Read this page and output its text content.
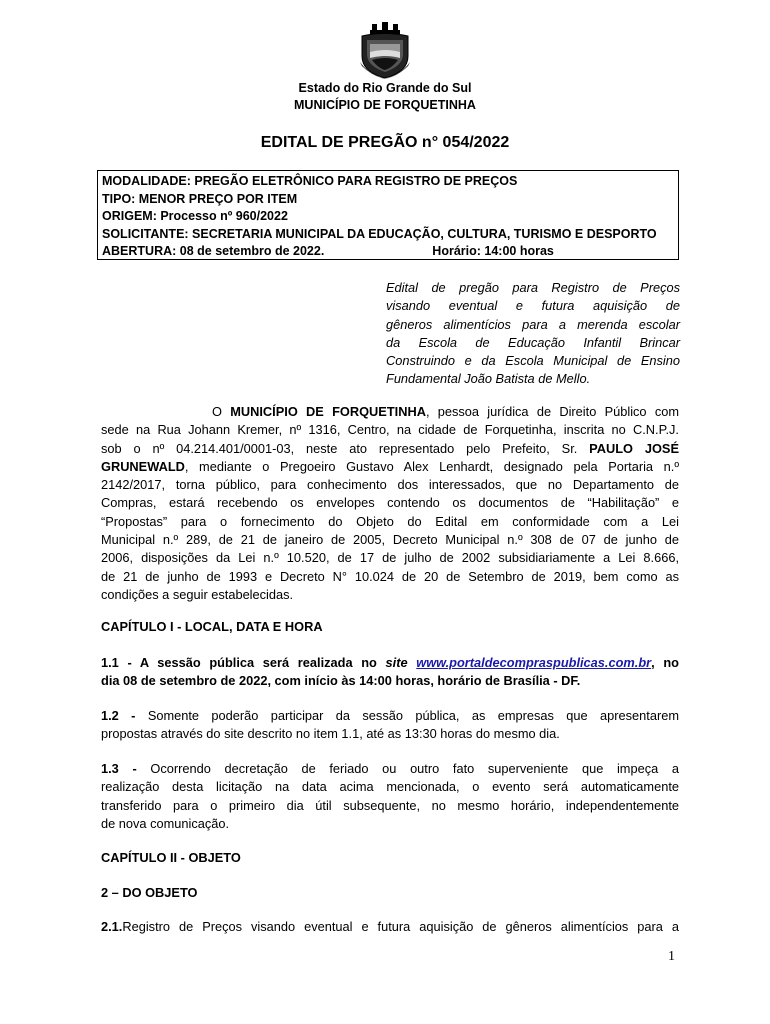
Estado do Rio Grande do Sul
MUNICÍPIO DE FORQUETINHA
EDITAL DE PREGÃO n° 054/2022
MODALIDADE: PREGÃO ELETRÔNICO PARA REGISTRO DE PREÇOS
TIPO: MENOR PREÇO POR ITEM
ORIGEM: Processo nº 960/2022
SOLICITANTE: SECRETARIA MUNICIPAL DA EDUCAÇÃO, CULTURA, TURISMO E DESPORTO
ABERTURA: 08 de setembro de 2022.	Horário: 14:00 horas
Edital de pregão para Registro de Preços
visando eventual e futura aquisição de
gêneros alimentícios para a merenda escolar
da Escola de Educação Infantil Brincar
Construindo e da Escola Municipal de Ensino
Fundamental João Batista de Mello.
O MUNICÍPIO DE FORQUETINHA, pessoa jurídica de Direito Público com
sede na Rua Johann Kremer, nº 1316, Centro, na cidade de Forquetinha, inscrita no C.N.P.J.
sob o nº 04.214.401/0001-03, neste ato representado pelo Prefeito, Sr. PAULO JOSÉ
GRUNEWALD, mediante o Pregoeiro Gustavo Alex Lenhardt, designado pela Portaria n.º
2142/2017, torna público, para conhecimento dos interessados, que no Departamento de
Compras, estará recebendo os envelopes contendo os documentos de “Habilitação” e
“Propostas” para o fornecimento do Objeto do Edital em conformidade com a Lei
Municipal n.º 289, de 21 de janeiro de 2005, Decreto Municipal n.º 308 de 07 de junho de
2006, disposições da Lei n.º 10.520, de 17 de julho de 2002 subsidiariamente a Lei 8.666,
de 21 de junho de 1993 e Decreto N° 10.024 de 20 de Setembro de 2019, bem como as
condições a seguir estabelecidas.
CAPÍTULO I - LOCAL, DATA E HORA
1.1 - A sessão pública será realizada no site www.portaldecompraspublicas.com.br, no
dia 08 de setembro de 2022, com início às 14:00 horas, horário de Brasília - DF.
1.2 - Somente poderão participar da sessão pública, as empresas que apresentarem
propostas através do site descrito no item 1.1, até as 13:30 horas do mesmo dia.
1.3 - Ocorrendo decretação de feriado ou outro fato superveniente que impeça a
realização desta licitação na data acima mencionada, o evento será automaticamente
transferido para o primeiro dia útil subsequente, no mesmo horário, independentemente
de nova comunicação.
CAPÍTULO II - OBJETO
2 – DO OBJETO
2.1.Registro de Preços visando eventual e futura aquisição de gêneros alimentícios para a
1
